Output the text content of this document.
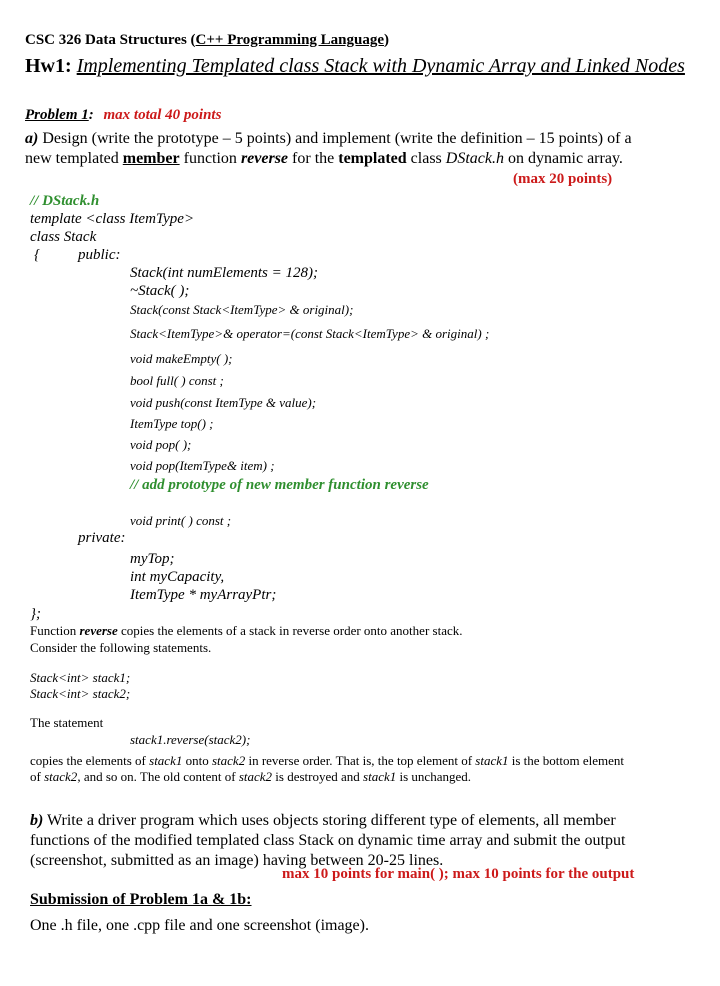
CSC 326 Data Structures (C++ Programming Language)
Hw1: Implementing Templated class Stack with Dynamic Array and Linked Nodes
Problem 1: max total 40 points
a) Design (write the prototype – 5 points) and implement (write the definition – 15 points) of a
new templated member function reverse for the templated class DStack.h on dynamic array.
(max 20 points)
// DStack.h
template <class ItemType>
class Stack
{	public:
Stack(int numElements = 128);
~Stack( );
Stack(const Stack<ItemType> & original);
Stack<ItemType>& operator=(const Stack<ItemType> & original) ;
void makeEmpty( );
bool full( ) const ;
void push(const ItemType & value);
ItemType top() ;
void pop( );
void pop(ItemType& item) ;
// add prototype of new member function reverse
void print( ) const ;
private:
myTop;
int myCapacity,
ItemType * myArrayPtr;
};
Function reverse copies the elements of a stack in reverse order onto another stack.
Consider the following statements.
Stack<int> stack1;
Stack<int> stack2;
The statement
stack1.reverse(stack2);
copies the elements of stack1 onto stack2 in reverse order. That is, the top element of stack1 is the bottom element
of stack2, and so on. The old content of stack2 is destroyed and stack1 is unchanged.
b) Write a driver program which uses objects storing different type of elements, all member
functions of the modified templated class Stack on dynamic time array and submit the output
(screenshot, submitted as an image) having between 20-25 lines.
max 10 points for main( ); max 10 points for the output
Submission of Problem 1a & 1b:
One .h file, one .cpp file and one screenshot (image).
